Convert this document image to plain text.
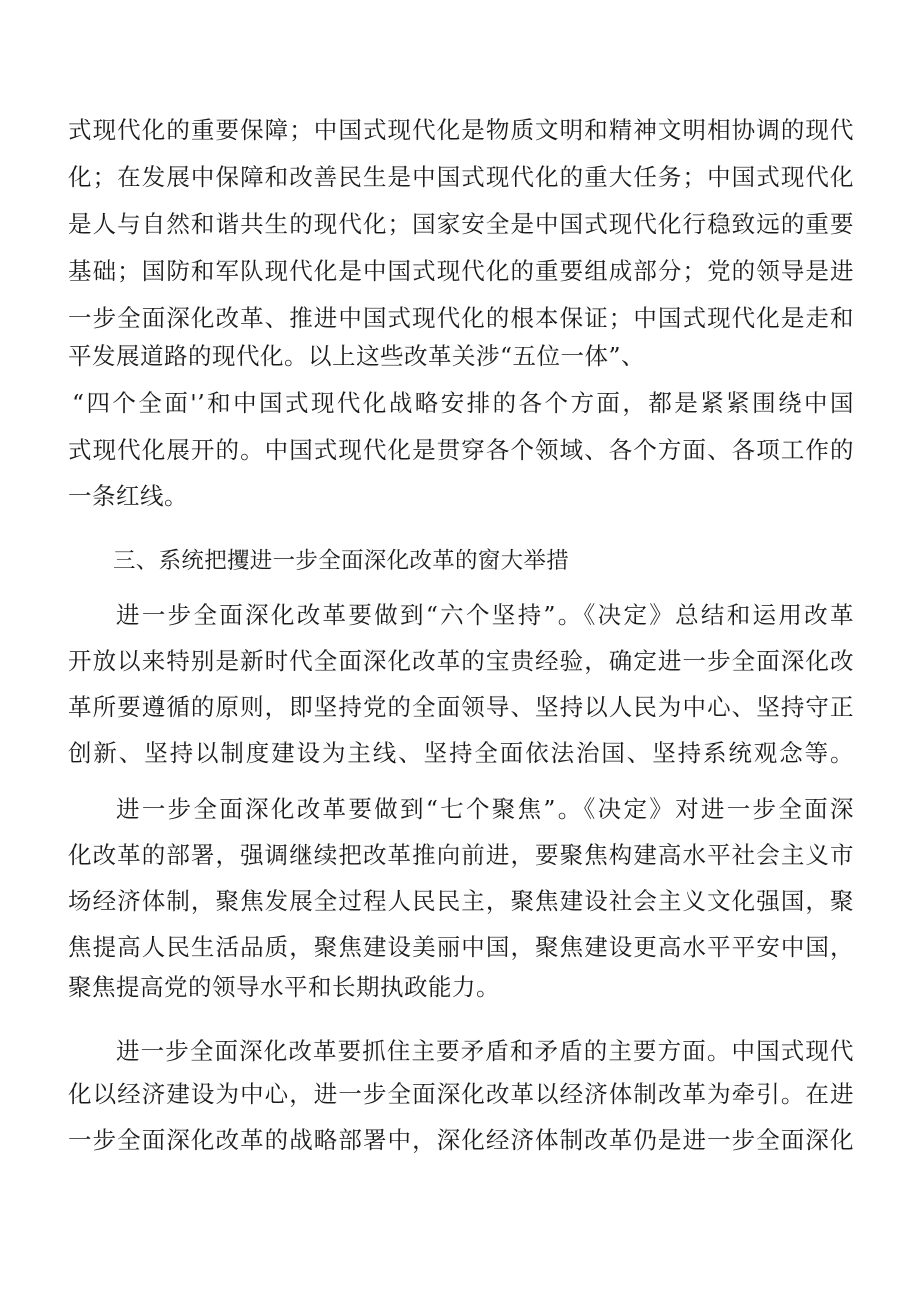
式现代化的重要保障；中国式现代化是物质文明和精神文明相协调的现代
化；在发展中保障和改善民生是中国式现代化的重大任务；中国式现代化
是人与自然和谐共生的现代化；国家安全是中国式现代化行稳致远的重要
基础；国防和军队现代化是中国式现代化的重要组成部分；党的领导是进
一步全面深化改革、推进中国式现代化的根本保证；中国式现代化是走和
平发展道路的现代化。以上这些改革关涉“五位一体”、
“四个全面'’和中国式现代化战略安排的各个方面，都是紧紧围绕中国
式现代化展开的。中国式现代化是贯穿各个领域、各个方面、各项工作的
一条红线。
三、系统把攫进一步全面深化改革的窗大举措
进一步全面深化改革要做到“六个坚持”。《决定》总结和运用改革
开放以来特别是新时代全面深化改革的宝贵经验，确定进一步全面深化改
革所要遵循的原则，即坚持党的全面领导、坚持以人民为中心、坚持守正
创新、坚持以制度建设为主线、坚持全面依法治国、坚持系统观念等。
进一步全面深化改革要做到“七个聚焦”。《决定》对进一步全面深
化改革的部署，强调继续把改革推向前进，要聚焦构建高水平社会主义市
场经济体制，聚焦发展全过程人民民主，聚焦建设社会主义文化强国，聚
焦提高人民生活品质，聚焦建设美丽中国，聚焦建设更高水平平安中国，
聚焦提高党的领导水平和长期执政能力。
进一步全面深化改革要抓住主要矛盾和矛盾的主要方面。中国式现代
化以经济建设为中心，进一步全面深化改革以经济体制改革为牵引。在进
一步全面深化改革的战略部署中，深化经济体制改革仍是进一步全面深化
